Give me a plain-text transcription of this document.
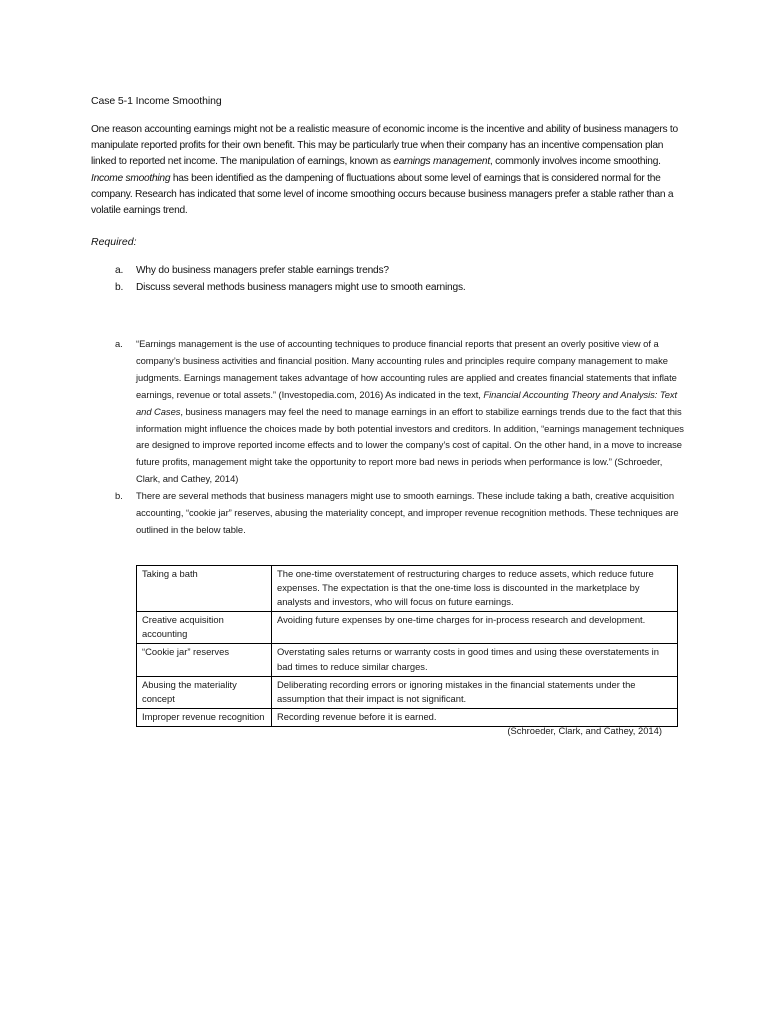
Case 5-1 Income Smoothing

One reason accounting earnings might not be a realistic measure of economic income is the incentive and ability of business managers to manipulate reported profits for their own benefit. This may be particularly true when their company has an incentive compensation plan linked to reported net income. The manipulation of earnings, known as earnings management, commonly involves income smoothing. Income smoothing has been identified as the dampening of fluctuations about some level of earnings that is considered normal for the company. Research has indicated that some level of income smoothing occurs because business managers prefer a stable rather than a volatile earnings trend.

Required:
a. Why do business managers prefer stable earnings trends?
b. Discuss several methods business managers might use to smooth earnings.
a. “Earnings management is the use of accounting techniques to produce financial reports that present an overly positive view of a company’s business activities and financial position. Many accounting rules and principles require company management to make judgments. Earnings management takes advantage of how accounting rules are applied and creates financial statements that inflate earnings, revenue or total assets.” (Investopedia.com, 2016) As indicated in the text, Financial Accounting Theory and Analysis: Text and Cases, business managers may feel the need to manage earnings in an effort to stabilize earnings trends due to the fact that this information might influence the choices made by both potential investors and creditors. In addition, “earnings management techniques are designed to improve reported income effects and to lower the company’s cost of capital. On the other hand, in a move to increase future profits, management might take the opportunity to report more bad news in periods when performance is low.” (Schroeder, Clark, and Cathey, 2014)
b. There are several methods that business managers might use to smooth earnings. These include taking a bath, creative acquisition accounting, “cookie jar” reserves, abusing the materiality concept, and improper revenue recognition methods. These techniques are outlined in the below table.
Taking a bath	The one-time overstatement of restructuring charges to reduce assets, which reduce future expenses. The expectation is that the one-time loss is discounted in the marketplace by analysts and investors, who will focus on future earnings.
Creative acquisition accounting	Avoiding future expenses by one-time charges for in-process research and development.
“Cookie jar” reserves	Overstating sales returns or warranty costs in good times and using these overstatements in bad times to reduce similar charges.
Abusing the materiality concept	Deliberating recording errors or ignoring mistakes in the financial statements under the assumption that their impact is not significant.
Improper revenue recognition	Recording revenue before it is earned.
(Schroeder, Clark, and Cathey, 2014)
